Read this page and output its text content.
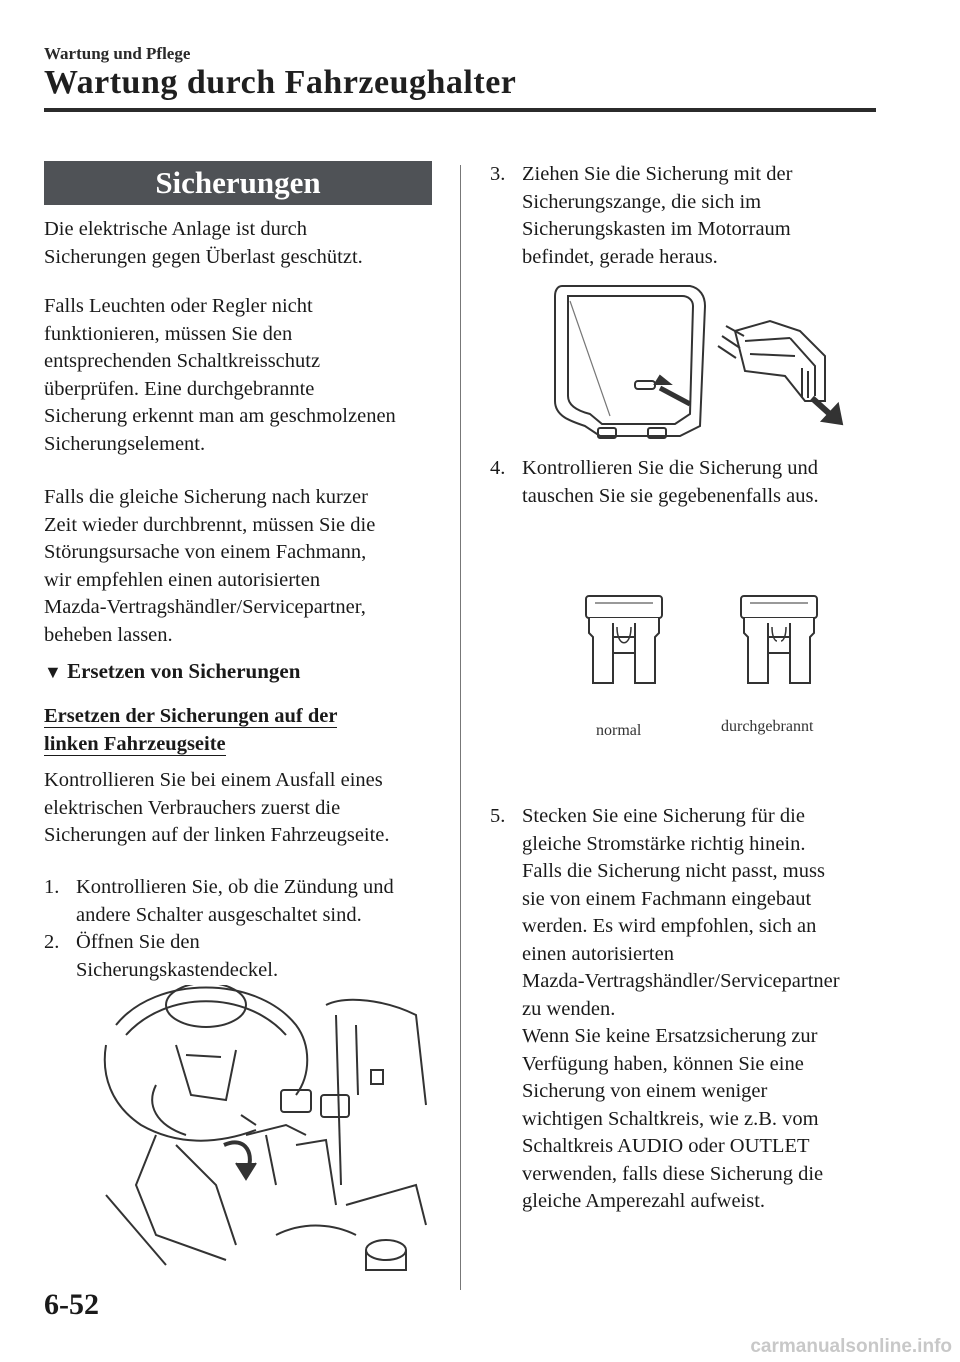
Wartung und Pflege
Wartung durch Fahrzeughalter
Sicherungen
Die elektrische Anlage ist durch
Sicherungen gegen Überlast geschützt.
Falls Leuchten oder Regler nicht
funktionieren, müssen Sie den
entsprechenden Schaltkreisschutz
überprüfen. Eine durchgebrannte
Sicherung erkennt man am geschmolzenen
Sicherungselement.
Falls die gleiche Sicherung nach kurzer
Zeit wieder durchbrennt, müssen Sie die
Störungsursache von einem Fachmann,
wir empfehlen einen autorisierten
Mazda-Vertragshändler/Servicepartner,
beheben lassen.
▼ Ersetzen von Sicherungen
Ersetzen der Sicherungen auf der
linken Fahrzeugseite
Kontrollieren Sie bei einem Ausfall eines
elektrischen Verbrauchers zuerst die
Sicherungen auf der linken Fahrzeugseite.
1. Kontrollieren Sie, ob die Zündung und
andere Schalter ausgeschaltet sind.
2. Öffnen Sie den
Sicherungskastendeckel.
3. Ziehen Sie die Sicherung mit der
Sicherungszange, die sich im
Sicherungskasten im Motorraum
befindet, gerade heraus.
4. Kontrollieren Sie die Sicherung und
tauschen Sie sie gegebenenfalls aus.
normal	durchgebrannt
5. Stecken Sie eine Sicherung für die
gleiche Stromstärke richtig hinein.
Falls die Sicherung nicht passt, muss
sie von einem Fachmann eingebaut
werden. Es wird empfohlen, sich an
einen autorisierten
Mazda-Vertragshändler/Servicepartner
zu wenden.
Wenn Sie keine Ersatzsicherung zur
Verfügung haben, können Sie eine
Sicherung von einem weniger
wichtigen Schaltkreis, wie z.B. vom
Schaltkreis AUDIO oder OUTLET
verwenden, falls diese Sicherung die
gleiche Amperezahl aufweist.
6-52
carmanualsonline.info
